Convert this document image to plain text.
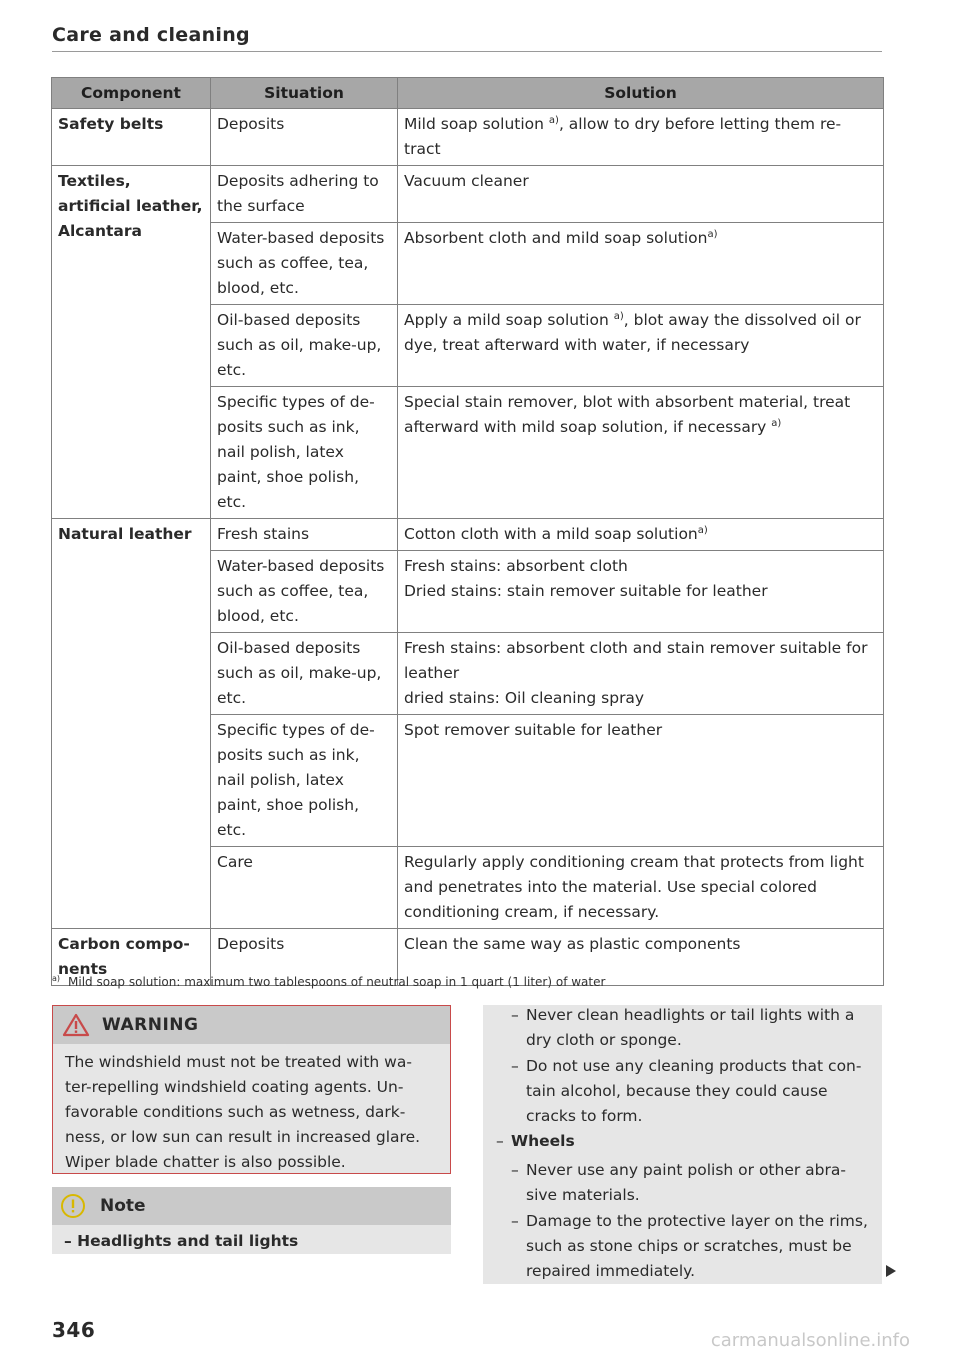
Care and cleaning
Component	Situation	Solution
Safety belts	Deposits	Mild soap solution $^{a)}$, allow to dry before letting them re-tract
Textiles, artificial leather, Alcantara	Deposits adhering to the surface	Vacuum cleaner
	Water-based deposits such as coffee, tea, blood, etc.	Absorbent cloth and mild soap solution$^{a)}$
	Oil-based deposits such as oil, make-up, etc.	Apply a mild soap solution $^{a)}$, blot away the dissolved oil or dye, treat afterward with water, if necessary
	Specific types of de-posits such as ink, nail polish, latex paint, shoe polish, etc.	Special stain remover, blot with absorbent material, treat afterward with mild soap solution, if necessary $^{a)}$
Natural leather	Fresh stains	Cotton cloth with a mild soap solution$^{a)}$
	Water-based deposits such as coffee, tea, blood, etc.	Fresh stains: absorbent cloth
Dried stains: stain remover suitable for leather

	Oil-based deposits such as oil, make-up, etc.	Fresh stains: absorbent cloth and stain remover suitable for leather
dried stains: Oil cleaning spray

	Specific types of de-posits such as ink, nail polish, latex paint, shoe polish, etc.	Spot remover suitable for leather
	Care	Regularly apply conditioning cream that protects from light and penetrates into the material. Use special colored conditioning cream, if necessary.
Carbon compo-nents	Deposits	Clean the same way as plastic components
$^{a)}$ Mild soap solution: maximum two tablespoons of neutral soap in 1 quart (1 liter) of water
WARNING
The windshield must not be treated with wa-ter-repelling windshield coating agents. Un-favorable conditions such as wetness, dark-ness, or low sun can result in increased glare. Wiper blade chatter is also possible.
Note
– Headlights and tail lights
– Never clean headlights or tail lights with a dry cloth or sponge.
– Do not use any cleaning products that con-tain alcohol, because they could cause cracks to form.
– Wheels
– Never use any paint polish or other abra-sive materials.
– Damage to the protective layer on the rims, such as stone chips or scratches, must be repaired immediately.
346	carmanualsonline.info
